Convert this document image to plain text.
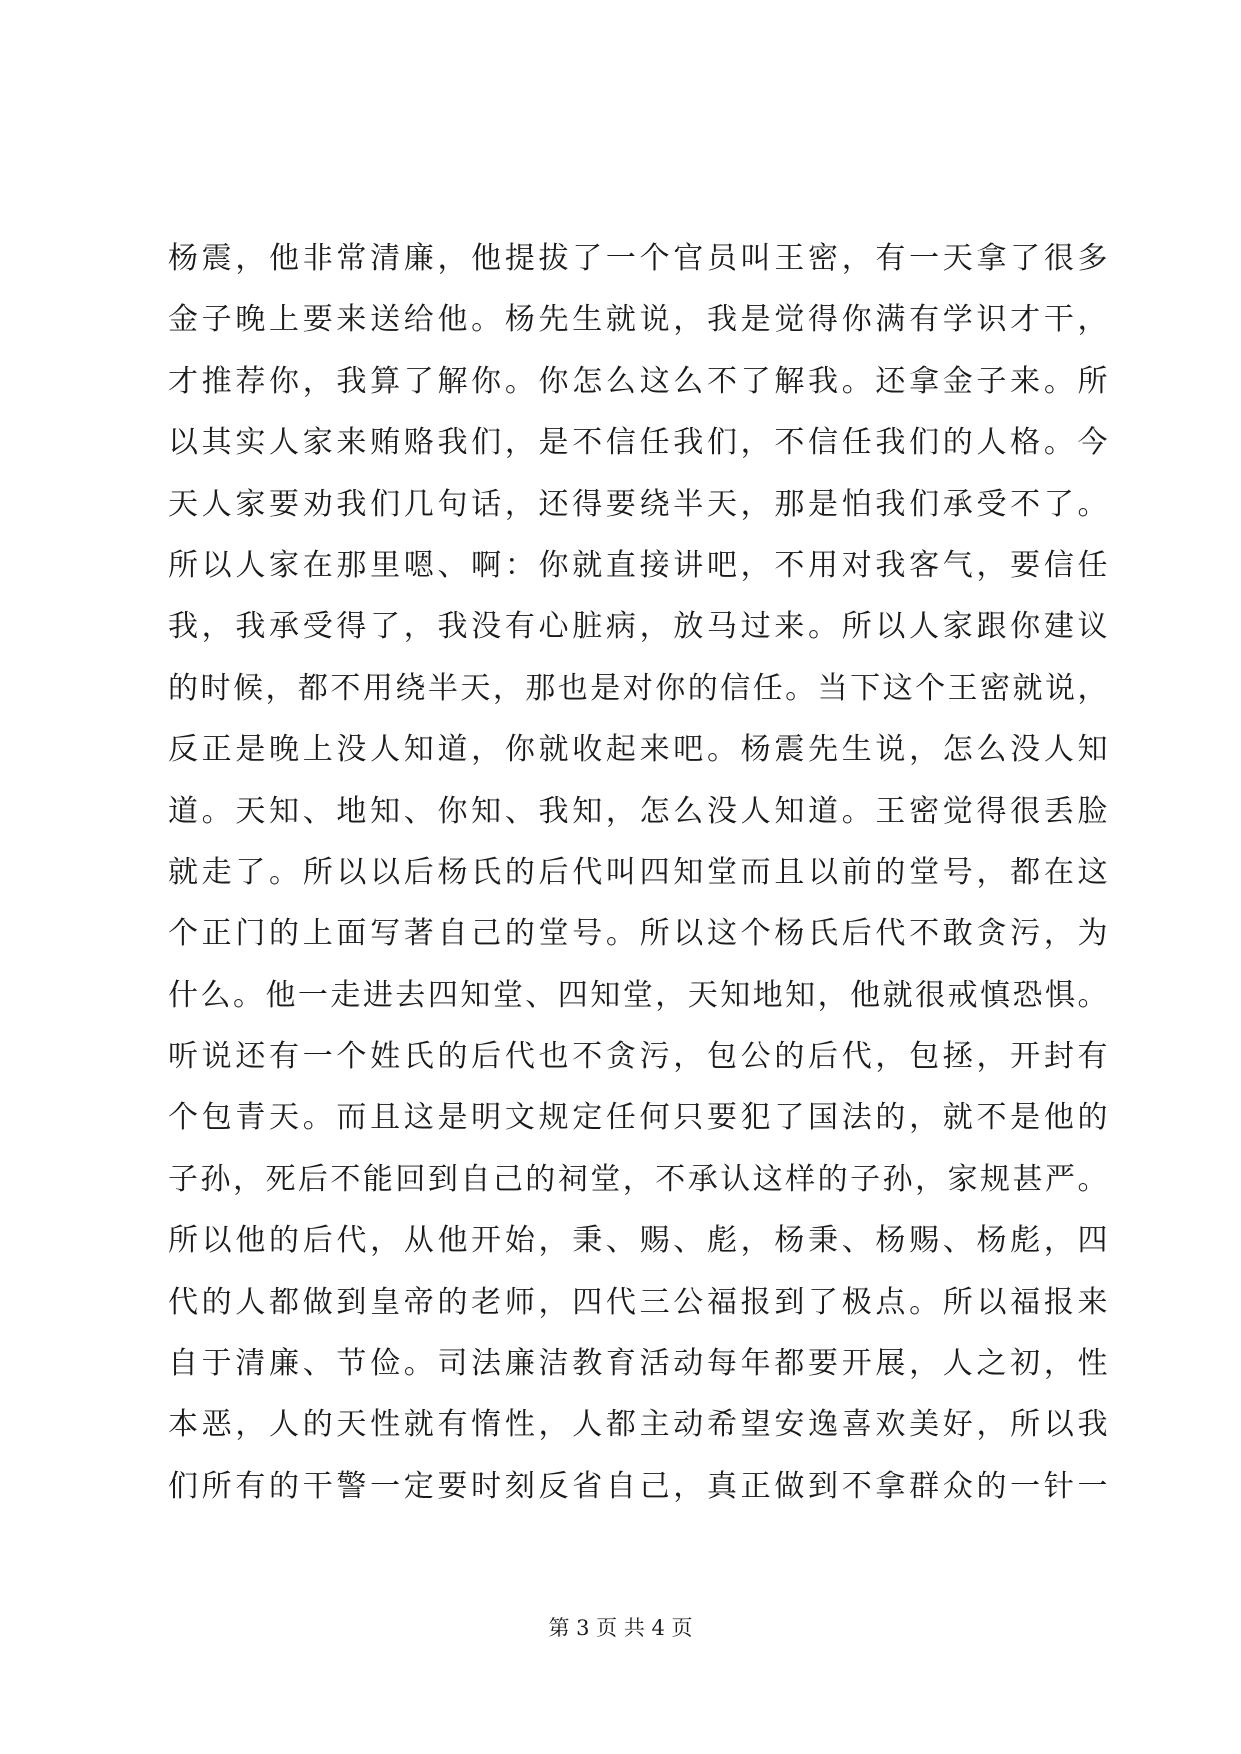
杨震，他非常清廉，他提拔了一个官员叫王密，有一天拿了很多
金子晚上要来送给他。杨先生就说，我是觉得你满有学识才干，
才推荐你，我算了解你。你怎么这么不了解我。还拿金子来。所
以其实人家来贿赂我们，是不信任我们，不信任我们的人格。今
天人家要劝我们几句话，还得要绕半天，那是怕我们承受不了。
所以人家在那里嗯、啊：你就直接讲吧，不用对我客气，要信任
我，我承受得了，我没有心脏病，放马过来。所以人家跟你建议
的时候，都不用绕半天，那也是对你的信任。当下这个王密就说，
反正是晚上没人知道，你就收起来吧。杨震先生说，怎么没人知
道。天知、地知、你知、我知，怎么没人知道。王密觉得很丢脸
就走了。所以以后杨氏的后代叫四知堂而且以前的堂号，都在这
个正门的上面写著自己的堂号。所以这个杨氏后代不敢贪污，为
什么。他一走进去四知堂、四知堂，天知地知，他就很戒慎恐惧。
听说还有一个姓氏的后代也不贪污，包公的后代，包拯，开封有
个包青天。而且这是明文规定任何只要犯了国法的，就不是他的
子孙，死后不能回到自己的祠堂，不承认这样的子孙，家规甚严。
所以他的后代，从他开始，秉、赐、彪，杨秉、杨赐、杨彪，四
代的人都做到皇帝的老师，四代三公福报到了极点。所以福报来
自于清廉、节俭。司法廉洁教育活动每年都要开展，人之初，性
本恶，人的天性就有惰性，人都主动希望安逸喜欢美好，所以我
们所有的干警一定要时刻反省自己，真正做到不拿群众的一针一
第 3 页 共 4 页
